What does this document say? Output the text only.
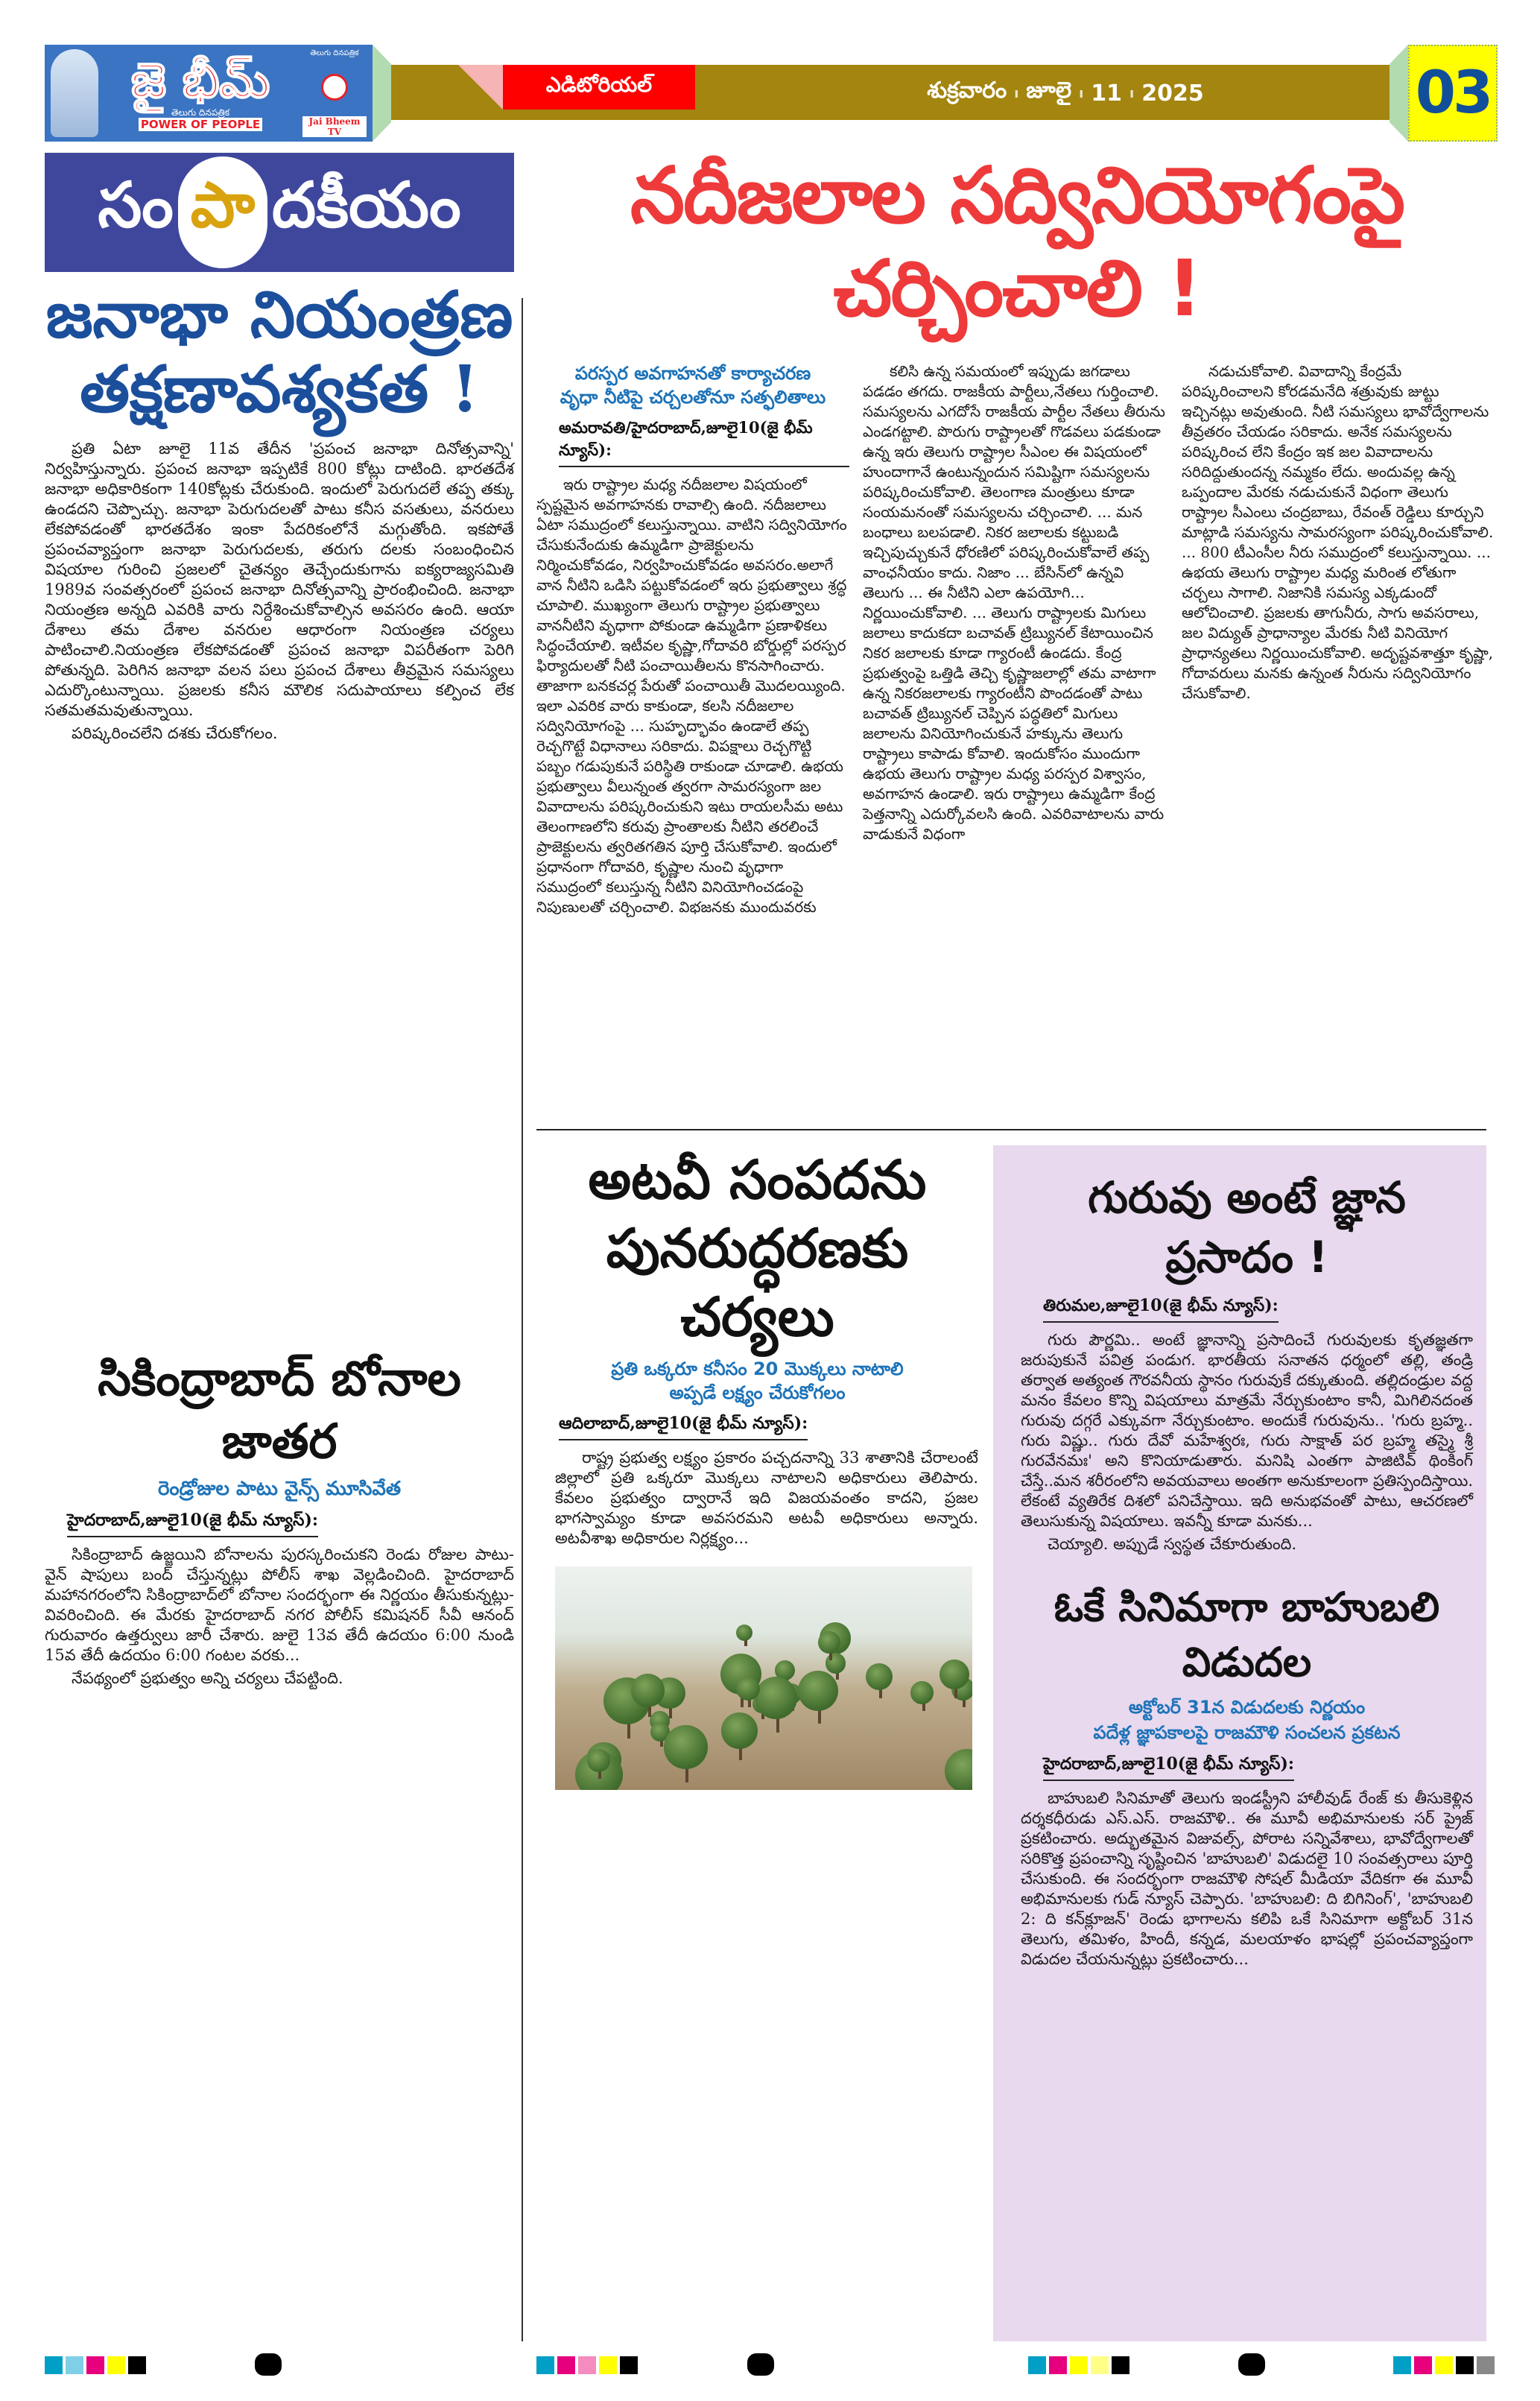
ఎడిటోరియల్	శుక్రవారం ı జూలై ı 11 ı 2025	03
జై భీమ్
తెలుగు దినపత్రిక
POWER OF PEOPLE
తెలుగు దినపత్రిక
Jai Bheem TV
సం పా దకీయం
జనాభా నియంత్రణ
తక్షణావశ్యకత !

ప్రతి ఏటా జూలై 11వ తేదీన 'ప్రపంచ జనాభా దినోత్సవాన్ని' నిర్వహిస్తున్నారు. ప్రపంచ జనాభా ఇప్పటికే 800 కోట్లు దాటింది. భారతదేశ జనాభా అధికారికంగా 140కోట్లకు చేరుకుంది. ఇందులో పెరుగుదలే తప్ప తక్కు ఉండదని చెప్పొచ్చు. జనాభా పెరుగుదలతో పాటు కనీస వసతులు, వనరులు లేకపోవడంతో భారతదేశం ఇంకా పేదరికంలోనే మగ్గుతోంది. ఇకపోతే ప్రపంచవ్యాప్తంగా జనాభా పెరుగుదలకు, తరుగు దలకు సంబంధించిన విషయాల గురించి ప్రజలలో చైతన్యం తెచ్చేందుకుగాను ఐక్యరాజ్యసమితి 1989వ సంవత్సరంలో ప్రపంచ జనాభా దినోత్సవాన్ని ప్రారంభించింది. జనాభా నియంత్రణ అన్నది ఎవరికి వారు నిర్దేశించుకోవాల్సిన అవసరం ఉంది. ఆయా దేశాలు తమ దేశాల వనరుల ఆధారంగా నియంత్రణ చర్యలు పాటించాలి.నియంత్రణ లేకపోవడంతో ప్రపంచ జనాభా విపరీతంగా పెరిగి పోతున్నది. పెరిగిన జనాభా వలన పలు ప్రపంచ దేశాలు తీవ్రమైన సమస్యలు ఎదుర్కొంటున్నాయి. ప్రజలకు కనీస మౌలిక సదుపాయాలు కల్పించ లేక సతమతమవుతున్నాయి.

పరిష్కరించలేని దశకు చేరుకోగలం.

సికింద్రాబాద్ బోనాల జాతర
రెండ్రోజుల పాటు వైన్స్ మూసివేత
హైదరాబాద్,జూలై10(జై భీమ్ న్యూస్):

సికింద్రాబాద్ ఉజ్జయిని బోనాలను పురస్కరించుకని రెండు రోజుల పాటు- వైన్ షాపులు బంద్ చేస్తున్నట్లు పోలీస్ శాఖ వెల్లడించింది. హైదరాబాద్ మహానగరంలోని సికింద్రాబాద్‌లో బోనాల సందర్భంగా ఈ నిర్ణయం తీసుకున్నట్లు- వివరించింది. ఈ మేరకు హైదరాబాద్ నగర పోలీస్ కమిషనర్ సీవీ ఆనంద్ గురువారం ఉత్తర్వులు జారీ చేశారు. జులై 13వ తేదీ ఉదయం 6:00 నుండి 15వ తేదీ ఉదయం 6:00 గంటల వరకు...

నేపథ్యంలో ప్రభుత్వం అన్ని చర్యలు చేపట్టింది.

నదీజలాల సద్వినియోగంపై చర్చించాలి !
పరస్పర అవగాహనతో కార్యాచరణ
వృధా నీటిపై చర్చలతోనూ సత్ఫలితాలు
అమరావతి/హైదరాబాద్,జూలై10(జై భీమ్ న్యూస్):

ఇరు రాష్ట్రాల మధ్య నదీజలాల విషయంలో స్పష్టమైన అవగాహనకు రావాల్సి ఉంది. నదీజలాలు ఏటా సముద్రంలో కలుస్తున్నాయి. వాటిని సద్వినియోగం చేసుకునేందుకు ఉమ్మడిగా ప్రాజెక్టులను నిర్మించుకోవడం, నిర్వహించుకోవడం అవసరం.అలాగే వాన నీటిని ఒడిసి పట్టుకోవడంలో ఇరు ప్రభుత్వాలు శ్రద్ధ చూపాలి. ముఖ్యంగా తెలుగు రాష్ట్రాల ప్రభుత్వాలు వాననీటిని వృధాగా పోకుండా ఉమ్మడిగా ప్రణాళికలు సిద్ధంచేయాలి. ఇటీవల కృష్ణా,గోదావరి బోర్డుల్లో పరస్పర ఫిర్యాదులతో నీటి పంచాయితీలను కొనసాగించారు. తాజాగా బనకచర్ల పేరుతో పంచాయితీ మొదలయ్యింది. ఇలా ఎవరిక వారు కాకుండా, కలసి నదీజలాల సద్వినియోగంపై ... సుహృద్భావం ఉండాలే తప్ప రెచ్చగొట్టే విధానాలు సరికాదు. విపక్షాలు రెచ్చగొట్టి పబ్బం గడుపుకునే పరిస్థితి రాకుండా చూడాలి. ఉభయ ప్రభుత్వాలు వీలున్నంత త్వరగా సామరస్యంగా జల వివాదాలను పరిష్కరించుకుని ఇటు రాయలసీమ అటు తెలంగాణలోని కరువు ప్రాంతాలకు నీటిని తరలించే ప్రాజెక్టులను త్వరితగతిన పూర్తి చేసుకోవాలి. ఇందులో ప్రధానంగా గోదావరి, కృష్ణాల నుంచి వృధాగా సముద్రంలో కలుస్తున్న నీటిని వినియోగించడంపై నిపుణులతో చర్చించాలి. విభజనకు ముందువరకు

కలిసి ఉన్న సమయంలో ఇప్పుడు జగడాలు పడడం తగదు. రాజకీయ పార్టీలు,నేతలు గుర్తించాలి. సమస్యలను ఎగదోసే రాజకీయ పార్టీల నేతలు తీరును ఎండగట్టాలి. పొరుగు రాష్ట్రాలతో గొడవలు పడకుండా ఉన్న ఇరు తెలుగు రాష్ట్రాల సీఎంల ఈ విషయంలో హుందాగానే ఉంటున్నందున సమిష్టిగా సమస్యలను పరిష్కరించుకోవాలి. తెలంగాణ మంత్రులు కూడా సంయమనంతో సమస్యలను చర్చించాలి. ... మన బంధాలు బలపడాలి. నికర జలాలకు కట్టుబడి ఇచ్చిపుచ్చుకునే ధోరణిలో పరిష్కరించుకోవాలే తప్ప వాంఛనీయం కాదు. నిజాం ... బేసిన్‌లో ఉన్నవి తెలుగు ... ఈ నీటిని ఎలా ఉపయోగి... నిర్ణయించుకోవాలి. ... తెలుగు రాష్ట్రాలకు మిగులు జలాలు కాదుకదా బచావత్ ట్రిబ్యునల్ కేటాయించిన నికర జలాలకు కూడా గ్యారంటీ ఉండదు. కేంద్ర ప్రభుత్వంపై ఒత్తిడి తెచ్చి కృష్ణాజలాల్లో తమ వాటాగా ఉన్న నికరజలాలకు గ్యారంటీని పొందడంతో పాటు బచావత్ ట్రిబ్యునల్ చెప్పిన పద్ధతిలో మిగులు జలాలను వినియోగించుకునే హక్కును తెలుగు రాష్ట్రాలు కాపాడు కోవాలి. ఇందుకోసం ముందుగా ఉభయ తెలుగు రాష్ట్రాల మధ్య పరస్పర విశ్వాసం, అవగాహన ఉండాలి. ఇరు రాష్ట్రాలు ఉమ్మడిగా కేంద్ర పెత్తనాన్ని ఎదుర్కోవలసి ఉంది. ఎవరివాటాలను వారు వాడుకునే విధంగా

నడుచుకోవాలి. వివాదాన్ని కేంద్రమే పరిష్కరించాలని కోరడమనేది శత్రువుకు జుట్టు ఇచ్చినట్లు అవుతుంది. నీటి సమస్యలు భావోద్వేగాలను తీవ్రతరం చేయడం సరికాదు. అనేక సమస్యలను పరిష్కరించ లేని కేంద్రం ఇక జల వివాదాలను సరిదిద్దుతుందన్న నమ్మకం లేదు. అందువల్ల ఉన్న ఒప్పందాల మేరకు నడుచుకునే విధంగా తెలుగు రాష్ట్రాల సీఎంలు చంద్రబాబు, రేవంత్ రెడ్డిలు కూర్చుని మాట్లాడి సమస్యను సామరస్యంగా పరిష్కరించుకోవాలి. ... 800 టీఎంసీల నీరు సముద్రంలో కలుస్తున్నాయి. ... ఉభయ తెలుగు రాష్ట్రాల మధ్య మరింత లోతుగా చర్చలు సాగాలి. నిజానికి సమస్య ఎక్కడుందో ఆలోచించాలి. ప్రజలకు తాగునీరు, సాగు అవసరాలు, జల విద్యుత్ ప్రాధాన్యాల మేరకు నీటి వినియోగ ప్రాధాన్యతలు నిర్ణయించుకోవాలి. అదృష్టవశాత్తూ కృష్ణా, గోదావరులు మనకు ఉన్నంత నీరును సద్వినియోగం చేసుకోవాలి.

అటవీ సంపదను
పునరుద్ధరణకు చర్యలు
ప్రతి ఒక్కరూ కనీసం 20 మొక్కలు నాటాలి
అప్పడే లక్ష్యం చేరుకోగలం
ఆదిలాబాద్,జూలై10(జై భీమ్ న్యూస్):

రాష్ట్ర ప్రభుత్వ లక్ష్యం ప్రకారం పచ్చదనాన్ని 33 శాతానికి చేరాలంటే జిల్లాలో ప్రతి ఒక్కరూ మొక్కలు నాటాలని అధికారులు తెలిపారు. కేవలం ప్రభుత్వం ద్వారానే ఇది విజయవంతం కాదని, ప్రజల భాగస్వామ్యం కూడా అవసరమని అటవీ అధికారులు అన్నారు. అటవీశాఖ అధికారుల నిర్లక్ష్యం...

గురువు అంటే జ్ఞాన ప్రసాదం !
తిరుమల,జూలై10(జై భీమ్ న్యూస్):

గురు పౌర్ణమి.. అంటే జ్ఞానాన్ని ప్రసాదించే గురువులకు కృతజ్ఞతగా జరుపుకునే పవిత్ర పండుగ. భారతీయ సనాతన ధర్మంలో తల్లి, తండ్రి తర్వాత అత్యంత గౌరవనీయ స్థానం గురువుకే దక్కుతుంది. తల్లిదండ్రుల వద్ద మనం కేవలం కొన్ని విషయాలు మాత్రమే నేర్చుకుంటాం కానీ, మిగిలినదంత గురువు దగ్గరే ఎక్కువగా నేర్చుకుంటాం. అందుకే గురువును.. 'గురు బ్రహ్మ.. గురు విష్ణు.. గురు దేవో మహేశ్వరః, గురు సాక్షాత్ పర బ్రహ్మ తస్మై శ్రీ గురవేనమః' అని కొనియాడుతారు. మనిషి ఎంతగా పాజిటివ్ థింకింగ్ చేస్తే..మన శరీరంలోని అవయవాలు అంతగా అనుకూలంగా ప్రతిస్పందిస్తాయి. లేకంటే వ్యతిరేక దిశలో పనిచేస్తాయి. ఇది అనుభవంతో పాటు, ఆచరణలో తెలుసుకున్న విషయాలు. ఇవన్నీ కూడా మనకు...

చెయ్యాలి. అప్పుడే స్వస్థత చేకూరుతుంది.

ఓకే సినిమాగా బాహుబలి విడుదల
అక్టోబర్ 31న విడుదలకు నిర్ణయం
పదేళ్ల జ్ఞాపకాలపై రాజమౌళి సంచలన ప్రకటన
హైదరాబాద్,జూలై10(జై భీమ్ న్యూస్):

బాహుబలి సినిమాతో తెలుగు ఇండస్ట్రీని హాలీవుడ్ రేంజ్ కు తీసుకెళ్లిన దర్శకధీరుడు ఎస్.ఎస్. రాజమౌళి.. ఈ మూవీ అభిమానులకు సర్ ప్రైజ్ ప్రకటించారు. అద్భుతమైన విజువల్స్, పోరాట సన్నివేశాలు, భావోద్వేగాలతో సరికొత్త ప్రపంచాన్ని సృష్టించిన 'బాహుబలి' విడుదలై 10 సంవత్సరాలు పూర్తి చేసుకుంది. ఈ సందర్భంగా రాజమౌళి సోషల్ మీడియా వేదికగా ఈ మూవీ అభిమానులకు గుడ్ న్యూస్ చెప్పారు. 'బాహుబలి: ది బిగినింగ్', 'బాహుబలి 2: ది కన్‌క్లూజన్' రెండు భాగాలను కలిపి ఒకే సినిమాగా అక్టోబర్ 31న తెలుగు, తమిళం, హిందీ, కన్నడ, మలయాళం భాషల్లో ప్రపంచవ్యాప్తంగా విడుదల చేయనున్నట్లు ప్రకటించారు...
